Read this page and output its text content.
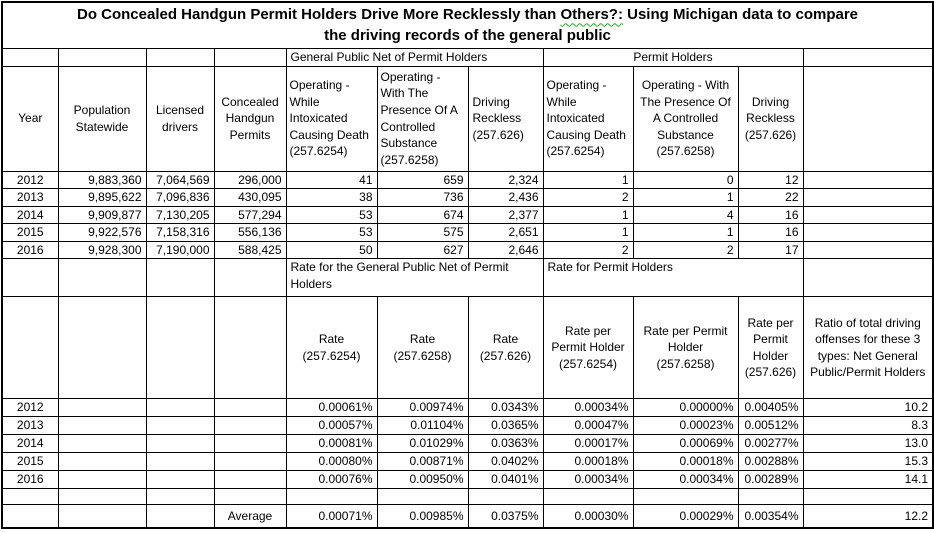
Do Concealed Handgun Permit Holders Drive More Recklessly than Others?: Using Michigan data to compare
the driving records of the general public										
				General Public Net of Permit Holders			Permit Holders			
Year	Population Statewide	Licensed drivers	Concealed Handgun Permits	Operating - While Intoxicated Causing Death (257.6254)	Operating - With The Presence Of A Controlled Substance (257.6258)	Driving Reckless (257.626)	Operating - While Intoxicated Causing Death (257.6254)	Operating - With The Presence Of A Controlled Substance (257.6258)	Driving Reckless (257.626)	
2012	9,883,360	7,064,569	296,000	41	659	2,324	1	0	12	
2013	9,895,622	7,096,836	430,095	38	736	2,436	2	1	22	
2014	9,909,877	7,130,205	577,294	53	674	2,377	1	4	16	
2015	9,922,576	7,158,316	556,136	53	575	2,651	1	1	16	
2016	9,928,300	7,190,000	588,425	50	627	2,646	2	2	17	
				Rate for the General Public Net of Permit Holders			Rate for Permit Holders			
				Rate (257.6254)	Rate (257.6258)	Rate (257.626)	Rate per Permit Holder (257.6254)	Rate per Permit Holder (257.6258)	Rate per Permit Holder (257.626)	Ratio of total driving offenses for these 3 types: Net General Public/Permit Holders
2012				0.00061%	0.00974%	0.0343%	0.00034%	0.00000%	0.00405%	10.2
2013				0.00057%	0.01104%	0.0365%	0.00047%	0.00023%	0.00512%	8.3
2014				0.00081%	0.01029%	0.0363%	0.00017%	0.00069%	0.00277%	13.0
2015				0.00080%	0.00871%	0.0402%	0.00018%	0.00018%	0.00288%	15.3
2016				0.00076%	0.00950%	0.0401%	0.00034%	0.00034%	0.00289%	14.1

			Average	0.00071%	0.00985%	0.0375%	0.00030%	0.00029%	0.00354%	12.2
